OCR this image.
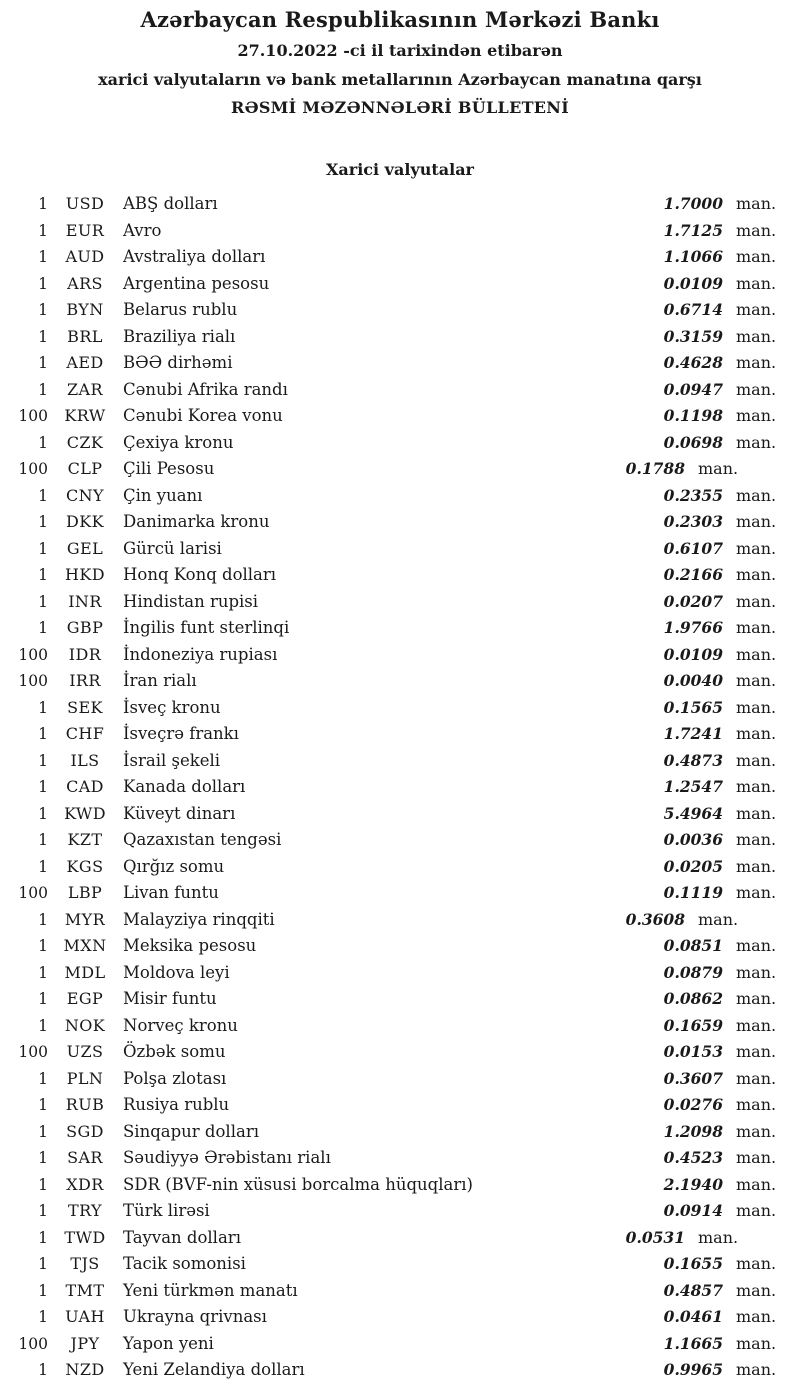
Azərbaycan Respublikasının Mərkəzi Bankı
27.10.2022 -ci il tarixindən etibarən
xarici valyutaların və bank metallarının Azərbaycan manatına qarşı
RƏSMİ MƏZƏNNƏLƏRİ BÜLLETENİ
Xarici valyutalar
1	USD	ABŞ dolları	1.7000 man.
1	EUR	Avro	1.7125 man.
1	AUD	Avstraliya dolları	1.1066 man.
1	ARS	Argentina pesosu	0.0109 man.
1	BYN	Belarus rublu	0.6714 man.
1	BRL	Braziliya rialı	0.3159 man.
1	AED	BƏƏ dirhəmi	0.4628 man.
1	ZAR	Cənubi Afrika randı	0.0947 man.
100	KRW	Cənubi Korea vonu	0.1198 man.
1	CZK	Çexiya kronu	0.0698 man.
100	CLP	Çili Pesosu	0.1788 man.
1	CNY	Çin yuanı	0.2355 man.
1	DKK	Danimarka kronu	0.2303 man.
1	GEL	Gürcü larisi	0.6107 man.
1	HKD	Honq Konq dolları	0.2166 man.
1	INR	Hindistan rupisi	0.0207 man.
1	GBP	İngilis funt sterlinqi	1.9766 man.
100	IDR	İndoneziya rupiası	0.0109 man.
100	IRR	İran rialı	0.0040 man.
1	SEK	İsveç kronu	0.1565 man.
1	CHF	İsveçrə frankı	1.7241 man.
1	ILS	İsrail şekeli	0.4873 man.
1	CAD	Kanada dolları	1.2547 man.
1	KWD	Küveyt dinarı	5.4964 man.
1	KZT	Qazaxıstan tengəsi	0.0036 man.
1	KGS	Qırğız somu	0.0205 man.
100	LBP	Livan funtu	0.1119 man.
1	MYR	Malayziya rinqqiti	0.3608 man.
1 MXN	Meksika pesosu	0.0851 man.
1	MDL	Moldova leyi	0.0879 man.
1	EGP	Misir funtu	0.0862 man.
1	NOK	Norveç kronu	0.1659 man.
100	UZS	Özbək somu	0.0153 man.
1	PLN	Polşa zlotası	0.3607 man.
1	RUB	Rusiya rublu	0.0276 man.
1	SGD	Sinqapur dolları	1.2098 man.
1	SAR	Səudiyyə Ərəbistanı rialı	0.4523 man.
1	XDR	SDR (BVF-nin xüsusi borcalma hüquqları)	2.1940 man.
1	TRY	Türk lirəsi	0.0914 man.
1	TWD	Tayvan dolları	0.0531 man.
1	TJS	Tacik somonisi	0.1655 man.
1	TMT	Yeni türkmən manatı	0.4857 man.
1	UAH	Ukrayna qrivnası	0.0461 man.
100	JPY	Yapon yeni	1.1665 man.
1	NZD	Yeni Zelandiya dolları	0.9965 man.
